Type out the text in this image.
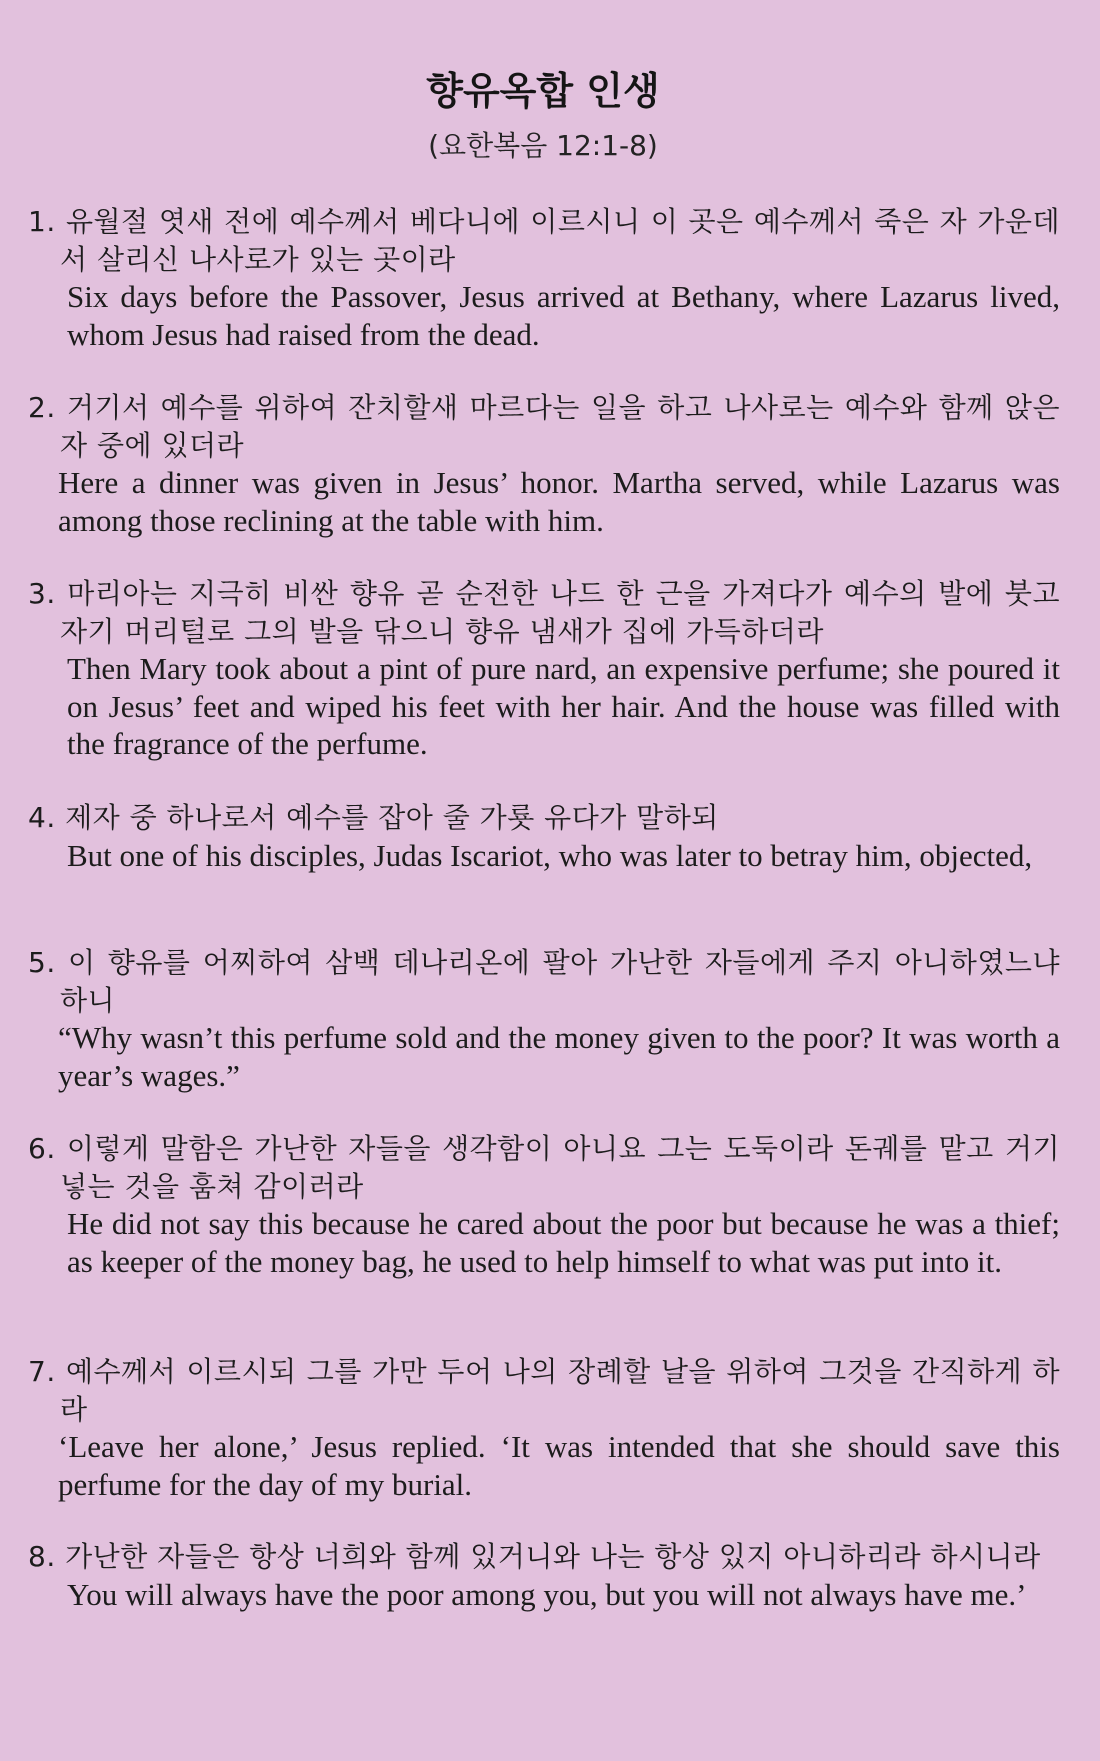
향유옥합 인생
(요한복음 12:1-8)
1. 유월절 엿새 전에 예수께서 베다니에 이르시니 이 곳은 예수께서 죽은 자 가운데서 살리신 나사로가 있는 곳이라
Six days before the Passover, Jesus arrived at Bethany, where Lazarus lived, whom Jesus had raised from the dead.
2. 거기서 예수를 위하여 잔치할새 마르다는 일을 하고 나사로는 예수와 함께 앉은 자 중에 있더라
Here a dinner was given in Jesus’ honor. Martha served, while Lazarus was among those reclining at the table with him.
3. 마리아는 지극히 비싼 향유 곧 순전한 나드 한 근을 가져다가 예수의 발에 붓고 자기 머리털로 그의 발을 닦으니 향유 냄새가 집에 가득하더라
Then Mary took about a pint of pure nard, an expensive perfume; she poured it on Jesus’ feet and wiped his feet with her hair. And the house was filled with the fragrance of the perfume.
4. 제자 중 하나로서 예수를 잡아 줄 가룟 유다가 말하되
But one of his disciples, Judas Iscariot, who was later to betray him, objected,
5. 이 향유를 어찌하여 삼백 데나리온에 팔아 가난한 자들에게 주지 아니하였느냐 하니
“Why wasn’t this perfume sold and the money given to the poor? It was worth a year’s wages.”
6. 이렇게 말함은 가난한 자들을 생각함이 아니요 그는 도둑이라 돈궤를 맡고 거기 넣는 것을 훔쳐 감이러라
He did not say this because he cared about the poor but because he was a thief; as keeper of the money bag, he used to help himself to what was put into it.
7. 예수께서 이르시되 그를 가만 두어 나의 장례할 날을 위하여 그것을 간직하게 하라
‘Leave her alone,’ Jesus replied. ‘It was intended that she should save this perfume for the day of my burial.
8. 가난한 자들은 항상 너희와 함께 있거니와 나는 항상 있지 아니하리라 하시니라
You will always have the poor among you, but you will not always have me.’
